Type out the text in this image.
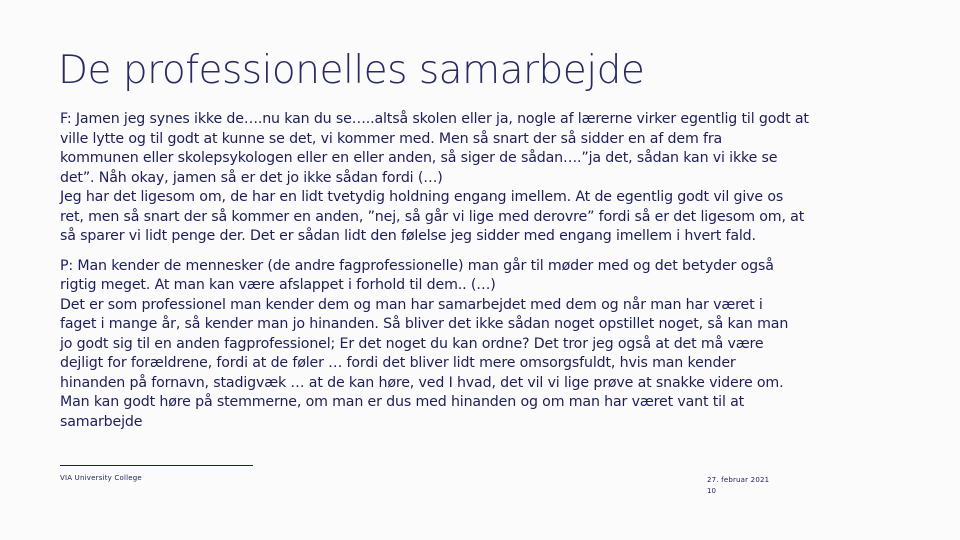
De professionelles samarbejde

F: Jamen jeg synes ikke de….nu kan du se…..altså skolen eller ja, nogle af lærerne virker egentlig til godt at
ville lytte og til godt at kunne se det, vi kommer med. Men så snart der så sidder en af dem fra
kommunen eller skolepsykologen eller en eller anden, så siger de sådan….”ja det, sådan kan vi ikke se
det”. Nåh okay, jamen så er det jo ikke sådan fordi (…)
Jeg har det ligesom om, de har en lidt tvetydig holdning engang imellem. At de egentlig godt vil give os
ret, men så snart der så kommer en anden, ”nej, så går vi lige med derovre” fordi så er det ligesom om, at
så sparer vi lidt penge der. Det er sådan lidt den følelse jeg sidder med engang imellem i hvert fald.

P: Man kender de mennesker (de andre fagprofessionelle) man går til møder med og det betyder også
rigtig meget. At man kan være afslappet i forhold til dem.. (…)
Det er som professionel man kender dem og man har samarbejdet med dem og når man har været i
faget i mange år, så kender man jo hinanden. Så bliver det ikke sådan noget opstillet noget, så kan man
jo godt sig til en anden fagprofessionel; Er det noget du kan ordne? Det tror jeg også at det må være
dejligt for forældrene, fordi at de føler … fordi det bliver lidt mere omsorgsfuldt, hvis man kender
hinanden på fornavn, stadigvæk … at de kan høre, ved I hvad, det vil vi lige prøve at snakke videre om.
Man kan godt høre på stemmerne, om man er dus med hinanden og om man har været vant til at
samarbejde

VIA University College	27. februar 2021
10
